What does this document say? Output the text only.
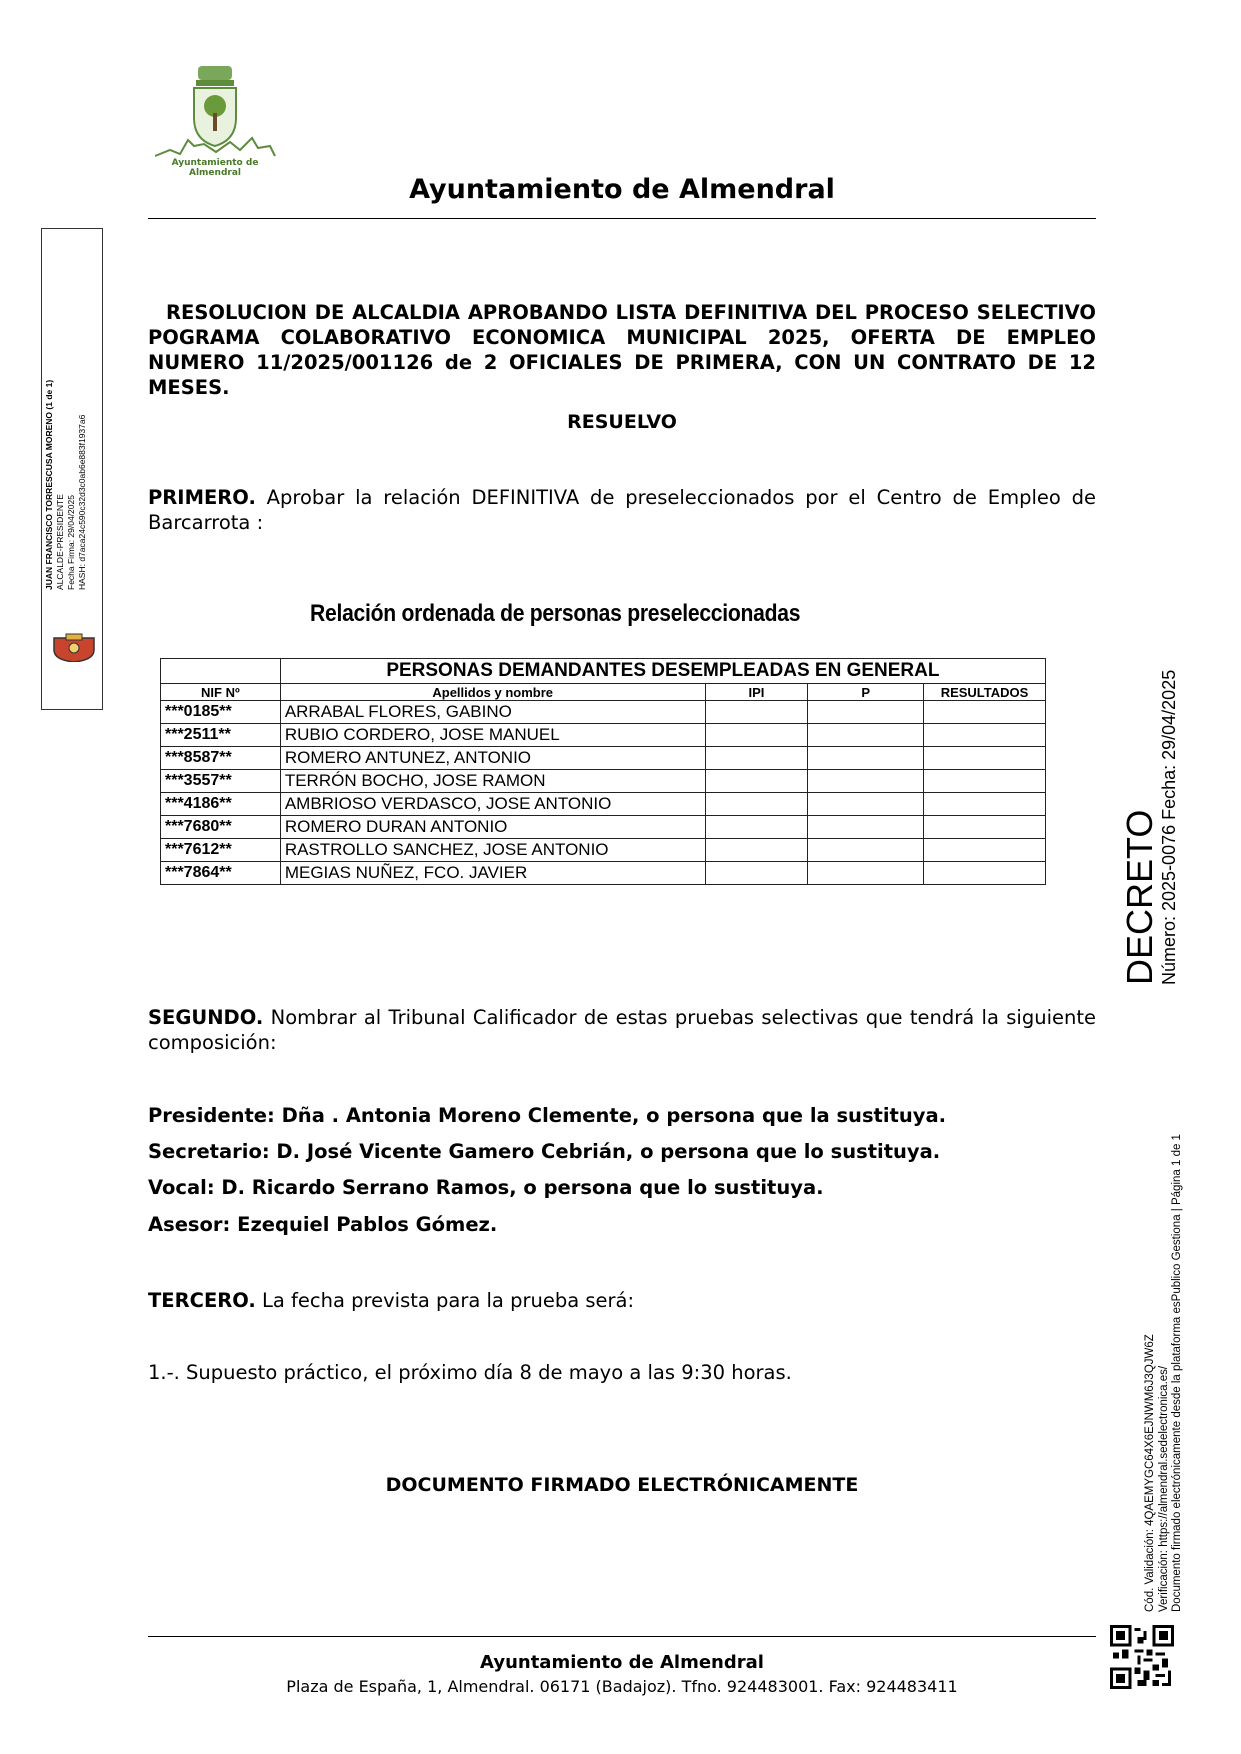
Ayuntamiento de Almendral
Ayuntamiento de Almendral
RESOLUCION DE ALCALDIA APROBANDO LISTA DEFINITIVA DEL PROCESO SELECTIVO POGRAMA COLABORATIVO ECONOMICA MUNICIPAL 2025, OFERTA DE EMPLEO NUMERO 11/2025/001126 de 2 OFICIALES DE PRIMERA, CON UN CONTRATO DE 12 MESES.
RESUELVO
PRIMERO. Aprobar la relación DEFINITIVA de preseleccionados por el Centro de Empleo de Barcarrota :
Relación ordenada de personas preseleccionadas
	PERSONAS DEMANDANTES DESEMPLEADAS EN GENERAL			
NIF Nº	Apellidos y nombre	IPI	P	RESULTADOS
***0185**	ARRABAL FLORES, GABINO			
***2511**	RUBIO CORDERO, JOSE MANUEL			
***8587**	ROMERO ANTUNEZ, ANTONIO			
***3557**	TERRÓN BOCHO, JOSE RAMON			
***4186**	AMBRIOSO VERDASCO, JOSE ANTONIO			
***7680**	ROMERO DURAN ANTONIO			
***7612**	RASTROLLO SANCHEZ, JOSE ANTONIO			
***7864**	MEGIAS NUÑEZ, FCO. JAVIER			
SEGUNDO. Nombrar al Tribunal Calificador de estas pruebas selectivas que tendrá la siguiente composición:
Presidente: Dña . Antonia Moreno Clemente, o persona que la sustituya.
Secretario: D. José Vicente Gamero Cebrián, o persona que lo sustituya.
Vocal: D. Ricardo Serrano Ramos, o persona que lo sustituya.
Asesor: Ezequiel Pablos Gómez.
TERCERO. La fecha prevista para la prueba será:
1.-. Supuesto práctico, el próximo día 8 de mayo a las 9:30 horas.
DOCUMENTO FIRMADO ELECTRÓNICAMENTE
Ayuntamiento de Almendral
Plaza de España, 1, Almendral. 06171 (Badajoz). Tfno. 924483001. Fax: 924483411
JUAN FRANCISCO TORRESCUSA MORENO (1 de 1) ALCALDE-PRESIDENTE Fecha Firma: 29/04/2025 HASH: d7aca24c590c32d3c0ab6e883f1937a6
DECRETO Número: 2025-0076 Fecha: 29/04/2025
Cód. Validación: 4QAEMYGC64X6EJNWM6J3QJW6Z Verificación: https://almendral.sedelectronica.es/ Documento firmado electrónicamente desde la plataforma esPublico Gestiona | Página 1 de 1
